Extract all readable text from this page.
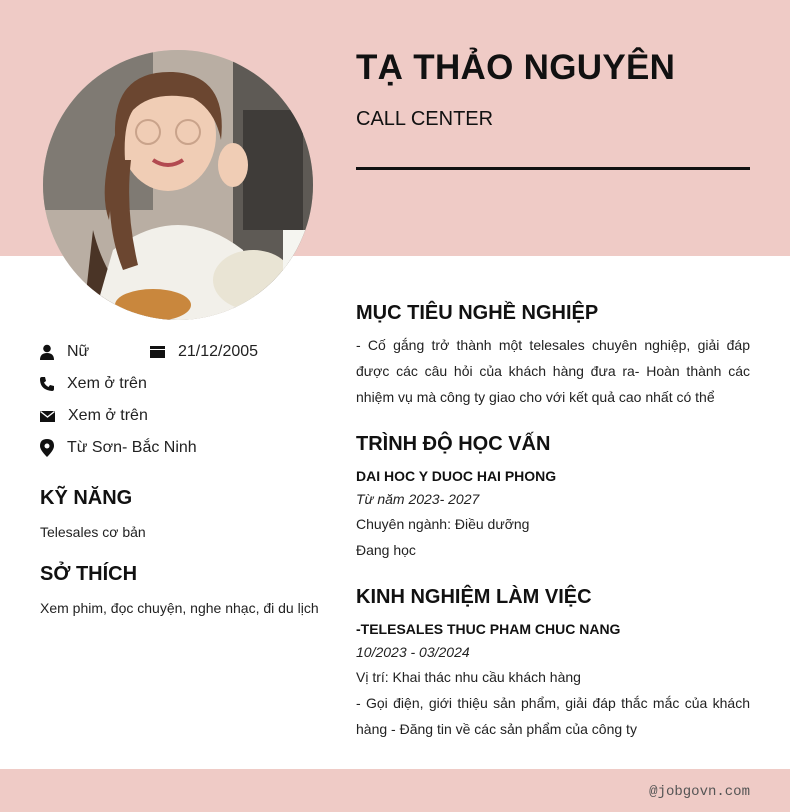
TẠ THẢO NGUYÊN
CALL CENTER
Nữ	21/12/2005
Xem ở trên
Xem ở trên
Từ Sơn- Bắc Ninh
KỸ NĂNG
Telesales cơ bản
SỞ THÍCH
Xem phim, đọc chuyện, nghe nhạc, đi du lịch
MỤC TIÊU NGHỀ NGHIỆP
- Cố gắng trở thành một telesales chuyên nghiệp, giải đáp được các câu hỏi của khách hàng đưa ra- Hoàn thành các nhiệm vụ mà công ty giao cho với kết quả cao nhất có thể
TRÌNH ĐỘ HỌC VẤN
DAI HOC Y DUOC HAI PHONG
Từ năm 2023- 2027
Chuyên ngành: Điều dưỡng
Đang học
KINH NGHIỆM LÀM VIỆC
-TELESALES THUC PHAM CHUC NANG
10/2023 - 03/2024
Vị trí: Khai thác nhu cầu khách hàng
- Gọi điện, giới thiệu sản phẩm, giải đáp thắc mắc của khách hàng - Đăng tin về các sản phẩm của công ty
@jobgovn.com
